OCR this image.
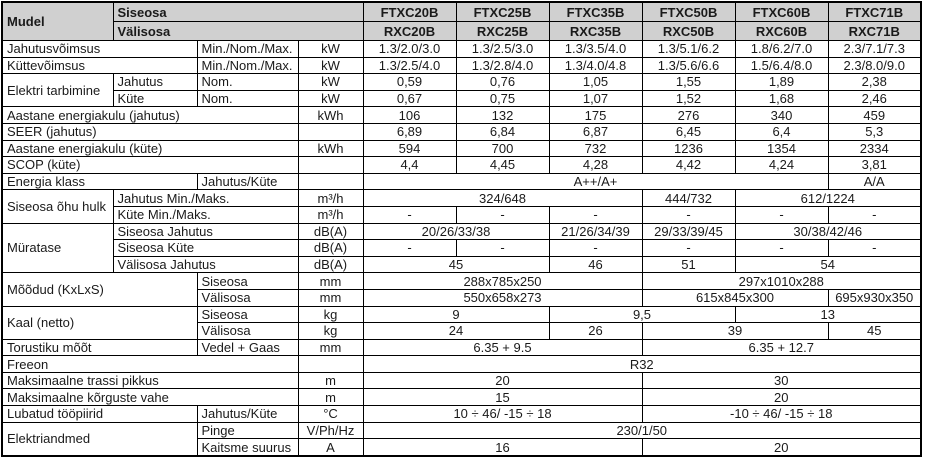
Mudel	Siseosa			FTXC20B	FTXC25B	FTXC35B	FTXC50B	FTXC60B	FTXC71B
	Välisosa			RXC20B	RXC25B	RXC35B	RXC50B	RXC60B	RXC71B
Jahutusvõimsus		Min./Nom./Max.	kW	1.3/2.0/3.0	1.3/2.5/3.0	1.3/3.5/4.0	1.3/5.1/6.2	1.8/6.2/7.0	2.3/7.1/7.3
Küttevõimsus		Min./Nom./Max.	kW	1.3/2.5/4.0	1.3/2.8/4.0	1.3/4.0/4.8	1.3/5.6/6.6	1.5/6.4/8.0	2.3/8.0/9.0
Elektri tarbimine	Jahutus	Nom.	kW	0,59	0,76	1,05	1,55	1,89	2,38
	Küte	Nom.	kW	0,67	0,75	1,07	1,52	1,68	2,46
Aastane energiakulu (jahutus)			kWh	106	132	175	276	340	459
SEER (jahutus)				6,89	6,84	6,87	6,45	6,4	5,3
Aastane energiakulu (küte)			kWh	594	700	732	1236	1354	2334
SCOP (küte)				4,4	4,45	4,28	4,42	4,24	3,81
Energia klass		Jahutus/Küte		A++/A+					A/A
Siseosa õhu hulk	Jahutus Min./Maks.		m³/h	324/648			444/732	612/1224	
	Küte Min./Maks.		m³/h	-	-	-	-	-	-
Müratase	Siseosa Jahutus		dB(A)	20/26/33/38		21/26/34/39	29/33/39/45	30/38/42/46	
	Siseosa Küte		dB(A)	-	-	-	-	-	-
	Välisosa Jahutus		dB(A)	45		46	51	54	
Mõõdud (KxLxS)		Siseosa	mm	288x785x250			297x1010x288		
		Välisosa	mm	550x658x273			615x845x300		695x930x350
Kaal (netto)		Siseosa	kg	9		9,5		13	
		Välisosa	kg	24		26	39		45
Torustiku mõõt		Vedel + Gaas	mm	6.35 + 9.5			6.35 + 12.7		
Freeon				R32					
Maksimaalne trassi pikkus			m	20			30		
Maksimaalne kõrguste vahe			m	15			20		
Lubatud tööpiirid		Jahutus/Küte	°C	10 ÷ 46/ -15 ÷ 18			-10 ÷ 46/ -15 ÷ 18		
Elektriandmed		Pinge	V/Ph/Hz	230/1/50					
		Kaitsme suurus	A	16			20		
